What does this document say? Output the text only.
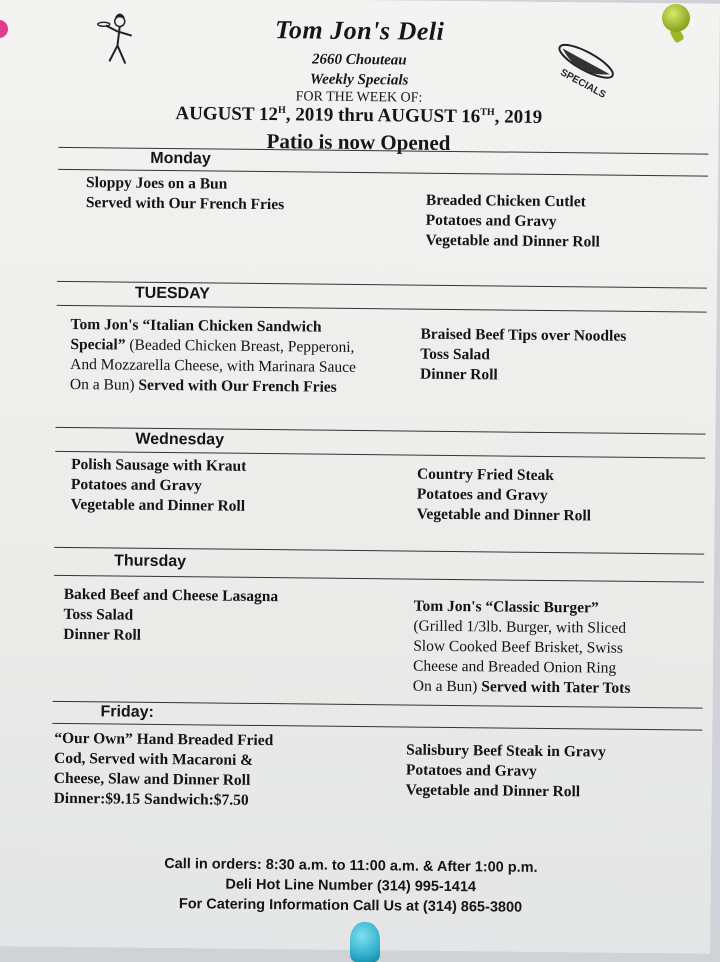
SPECIALS
Tom Jon's Deli
2660 Chouteau
Weekly Specials
FOR THE WEEK OF:
AUGUST $12^H$, 2019 thru AUGUST 16TH, 2019
Patio is now Opened
Monday
Sloppy Joes on a Bun
Served with Our French Fries	Breaded Chicken Cutlet
Potatoes and Gravy
Vegetable and Dinner Roll
TUESDAY
Tom Jon's “Italian Chicken Sandwich
Special” (Beaded Chicken Breast, Pepperoni,
And Mozzarella Cheese, with Marinara Sauce
On a Bun) Served with Our French Fries
Braised Beef Tips over Noodles
Toss Salad
Dinner Roll
Wednesday
Polish Sausage with Kraut
Potatoes and Gravy
Vegetable and Dinner Roll
Country Fried Steak
Potatoes and Gravy
Vegetable and Dinner Roll
Thursday
Baked Beef and Cheese Lasagna
Toss Salad
Dinner Roll
Tom Jon's “Classic Burger”
(Grilled 1/3lb. Burger, with Sliced
Slow Cooked Beef Brisket, Swiss
Cheese and Breaded Onion Ring
On a Bun) Served with Tater Tots
Friday:
“Our Own” Hand Breaded Fried
Cod, Served with Macaroni &
Cheese, Slaw and Dinner Roll
Dinner:$9.15 Sandwich:$7.50
Salisbury Beef Steak in Gravy
Potatoes and Gravy
Vegetable and Dinner Roll
Call in orders: 8:30 a.m. to 11:00 a.m. & After 1:00 p.m.
Deli Hot Line Number (314) 995-1414
For Catering Information Call Us at (314) 865-3800
